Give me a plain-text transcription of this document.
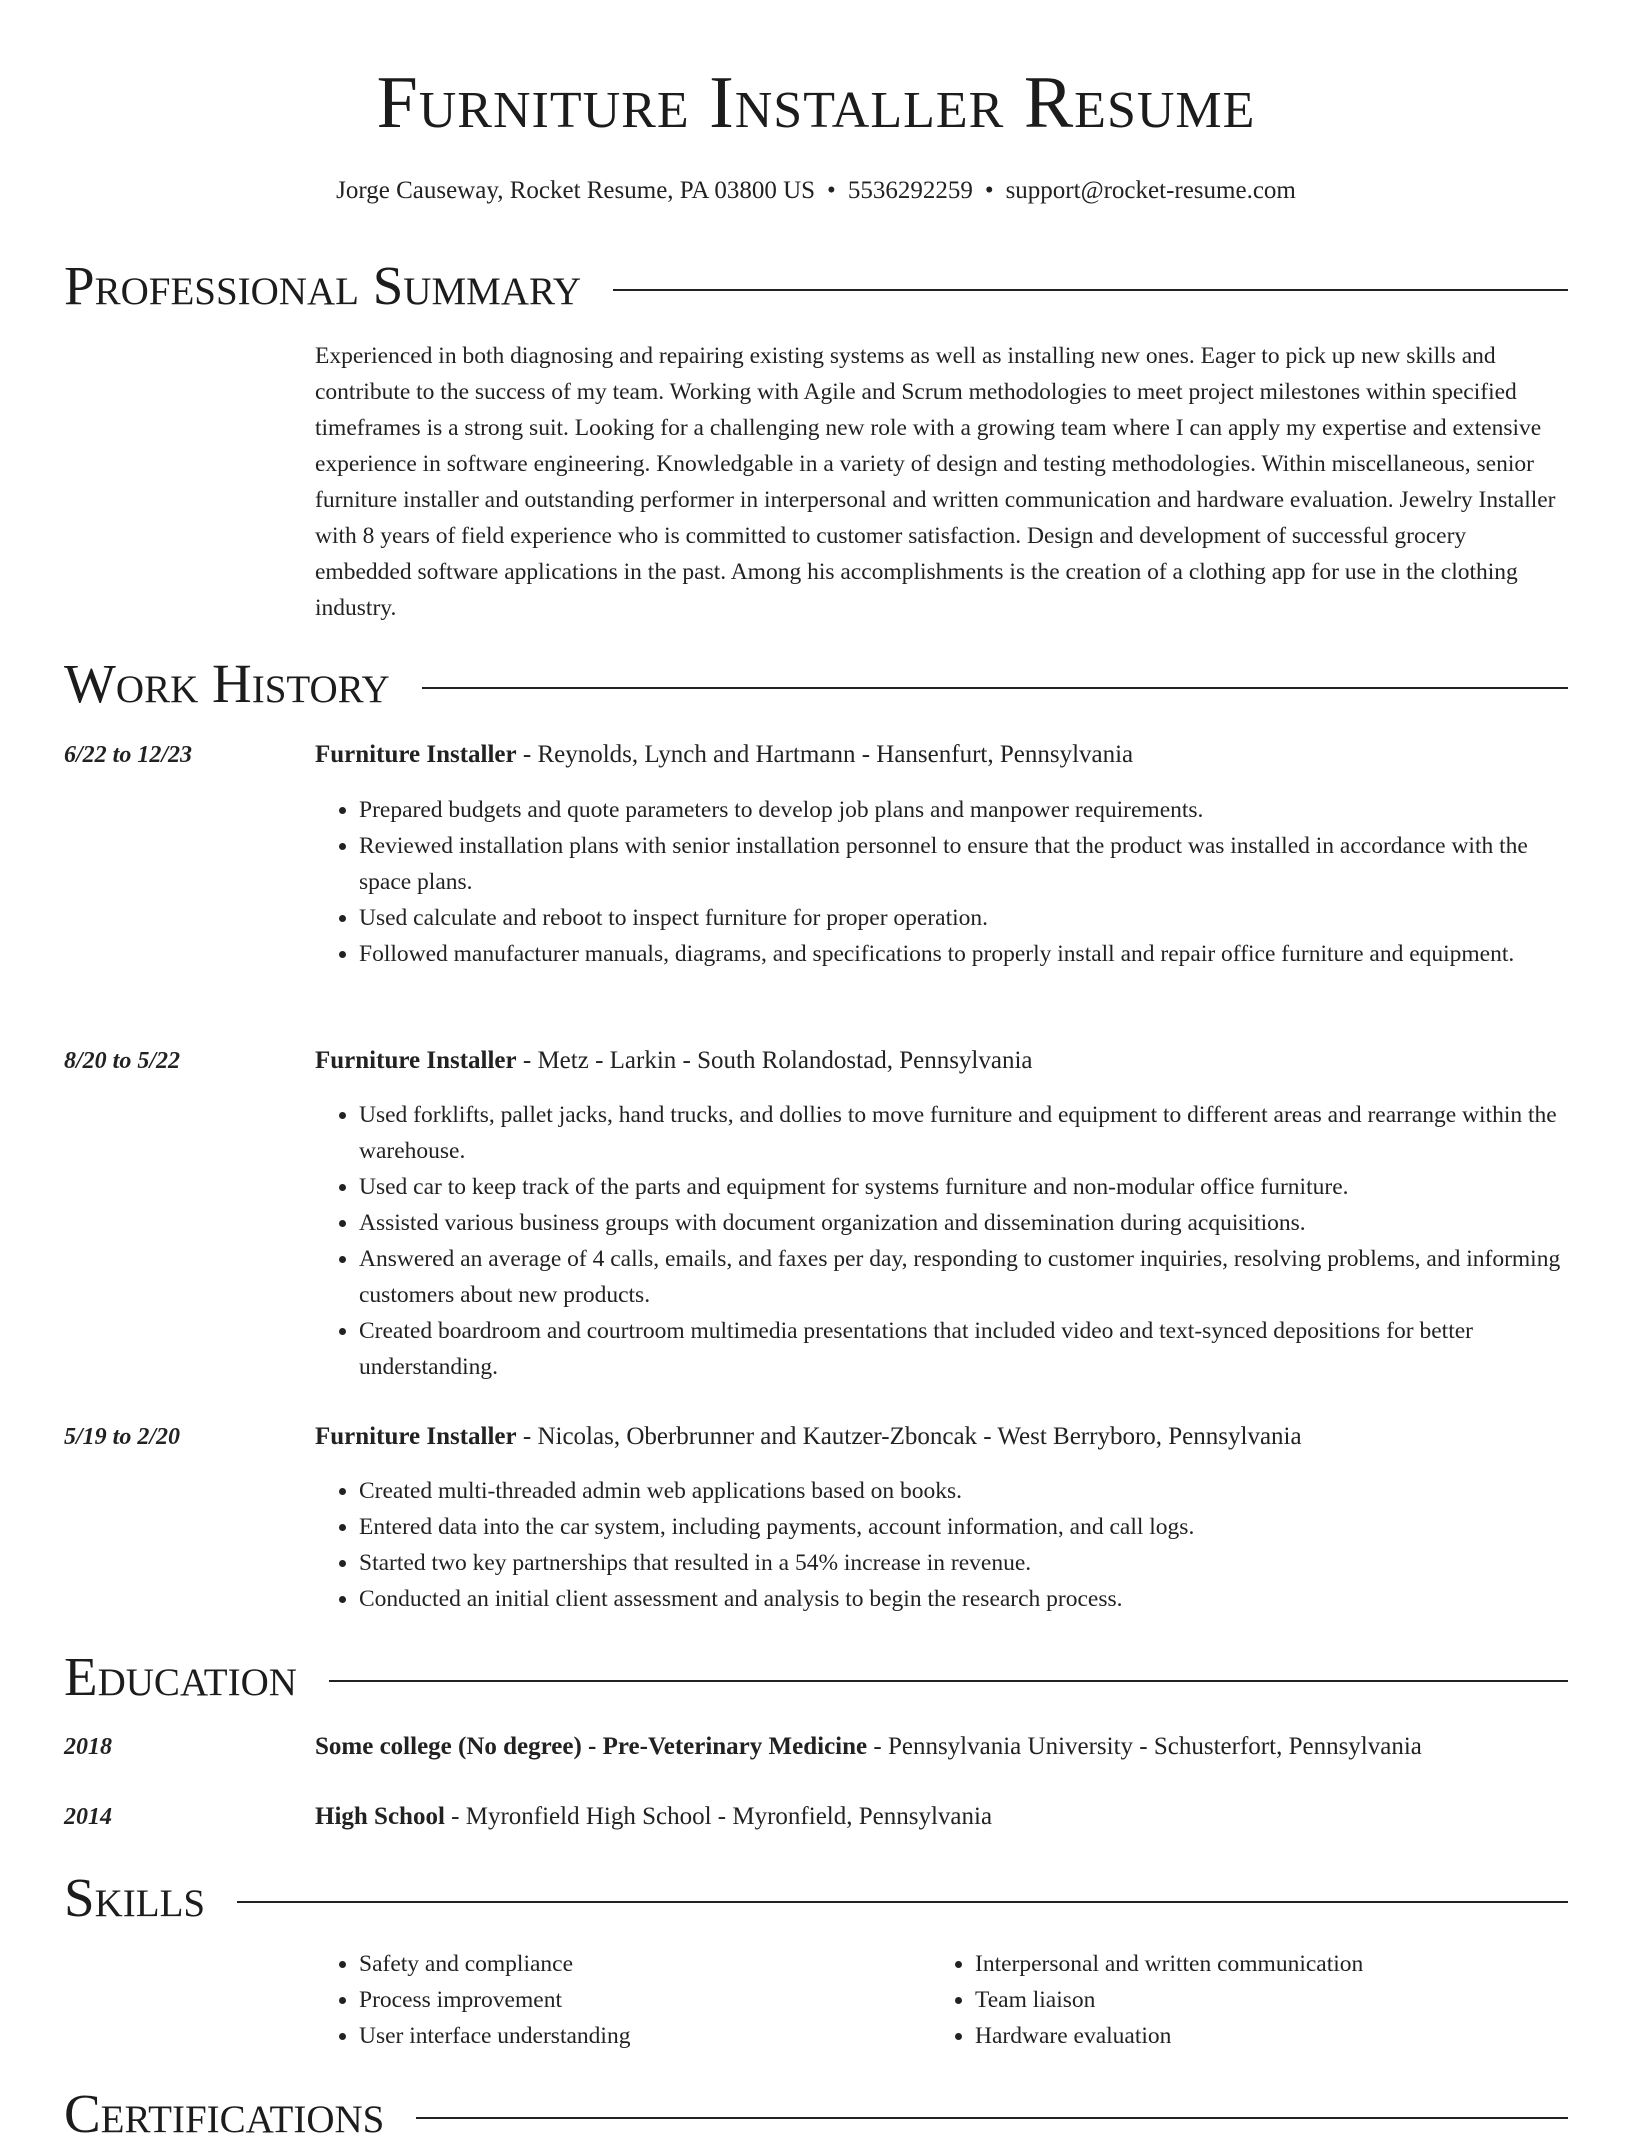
Furniture Installer Resume
Jorge Causeway, Rocket Resume, PA 03800 US • 5536292259 • support@rocket-resume.com
Professional Summary
Experienced in both diagnosing and repairing existing systems as well as installing new ones. Eager to pick up new skills and contribute to the success of my team. Working with Agile and Scrum methodologies to meet project milestones within specified timeframes is a strong suit. Looking for a challenging new role with a growing team where I can apply my expertise and extensive experience in software engineering. Knowledgable in a variety of design and testing methodologies. Within miscellaneous, senior furniture installer and outstanding performer in interpersonal and written communication and hardware evaluation. Jewelry Installer with 8 years of field experience who is committed to customer satisfaction. Design and development of successful grocery embedded software applications in the past. Among his accomplishments is the creation of a clothing app for use in the clothing industry.
Work History
6/22 to 12/23	Furniture Installer - Reynolds, Lynch and Hartmann - Hansenfurt, Pennsylvania
• Prepared budgets and quote parameters to develop job plans and manpower requirements.
• Reviewed installation plans with senior installation personnel to ensure that the product was installed in accordance with the space plans.
• Used calculate and reboot to inspect furniture for proper operation.
• Followed manufacturer manuals, diagrams, and specifications to properly install and repair office furniture and equipment.
8/20 to 5/22	Furniture Installer - Metz - Larkin - South Rolandostad, Pennsylvania
• Used forklifts, pallet jacks, hand trucks, and dollies to move furniture and equipment to different areas and rearrange within the warehouse.
• Used car to keep track of the parts and equipment for systems furniture and non-modular office furniture.
• Assisted various business groups with document organization and dissemination during acquisitions.
• Answered an average of 4 calls, emails, and faxes per day, responding to customer inquiries, resolving problems, and informing customers about new products.
• Created boardroom and courtroom multimedia presentations that included video and text-synced depositions for better understanding.
5/19 to 2/20	Furniture Installer - Nicolas, Oberbrunner and Kautzer-Zboncak - West Berryboro, Pennsylvania
• Created multi-threaded admin web applications based on books.
• Entered data into the car system, including payments, account information, and call logs.
• Started two key partnerships that resulted in a 54% increase in revenue.
• Conducted an initial client assessment and analysis to begin the research process.
Education
2018	Some college (No degree) - Pre-Veterinary Medicine - Pennsylvania University - Schusterfort, Pennsylvania
2014	High School - Myronfield High School - Myronfield, Pennsylvania
Skills
• Safety and compliance
• Process improvement
• User interface understanding
• Interpersonal and written communication
• Team liaison
• Hardware evaluation
Certifications
